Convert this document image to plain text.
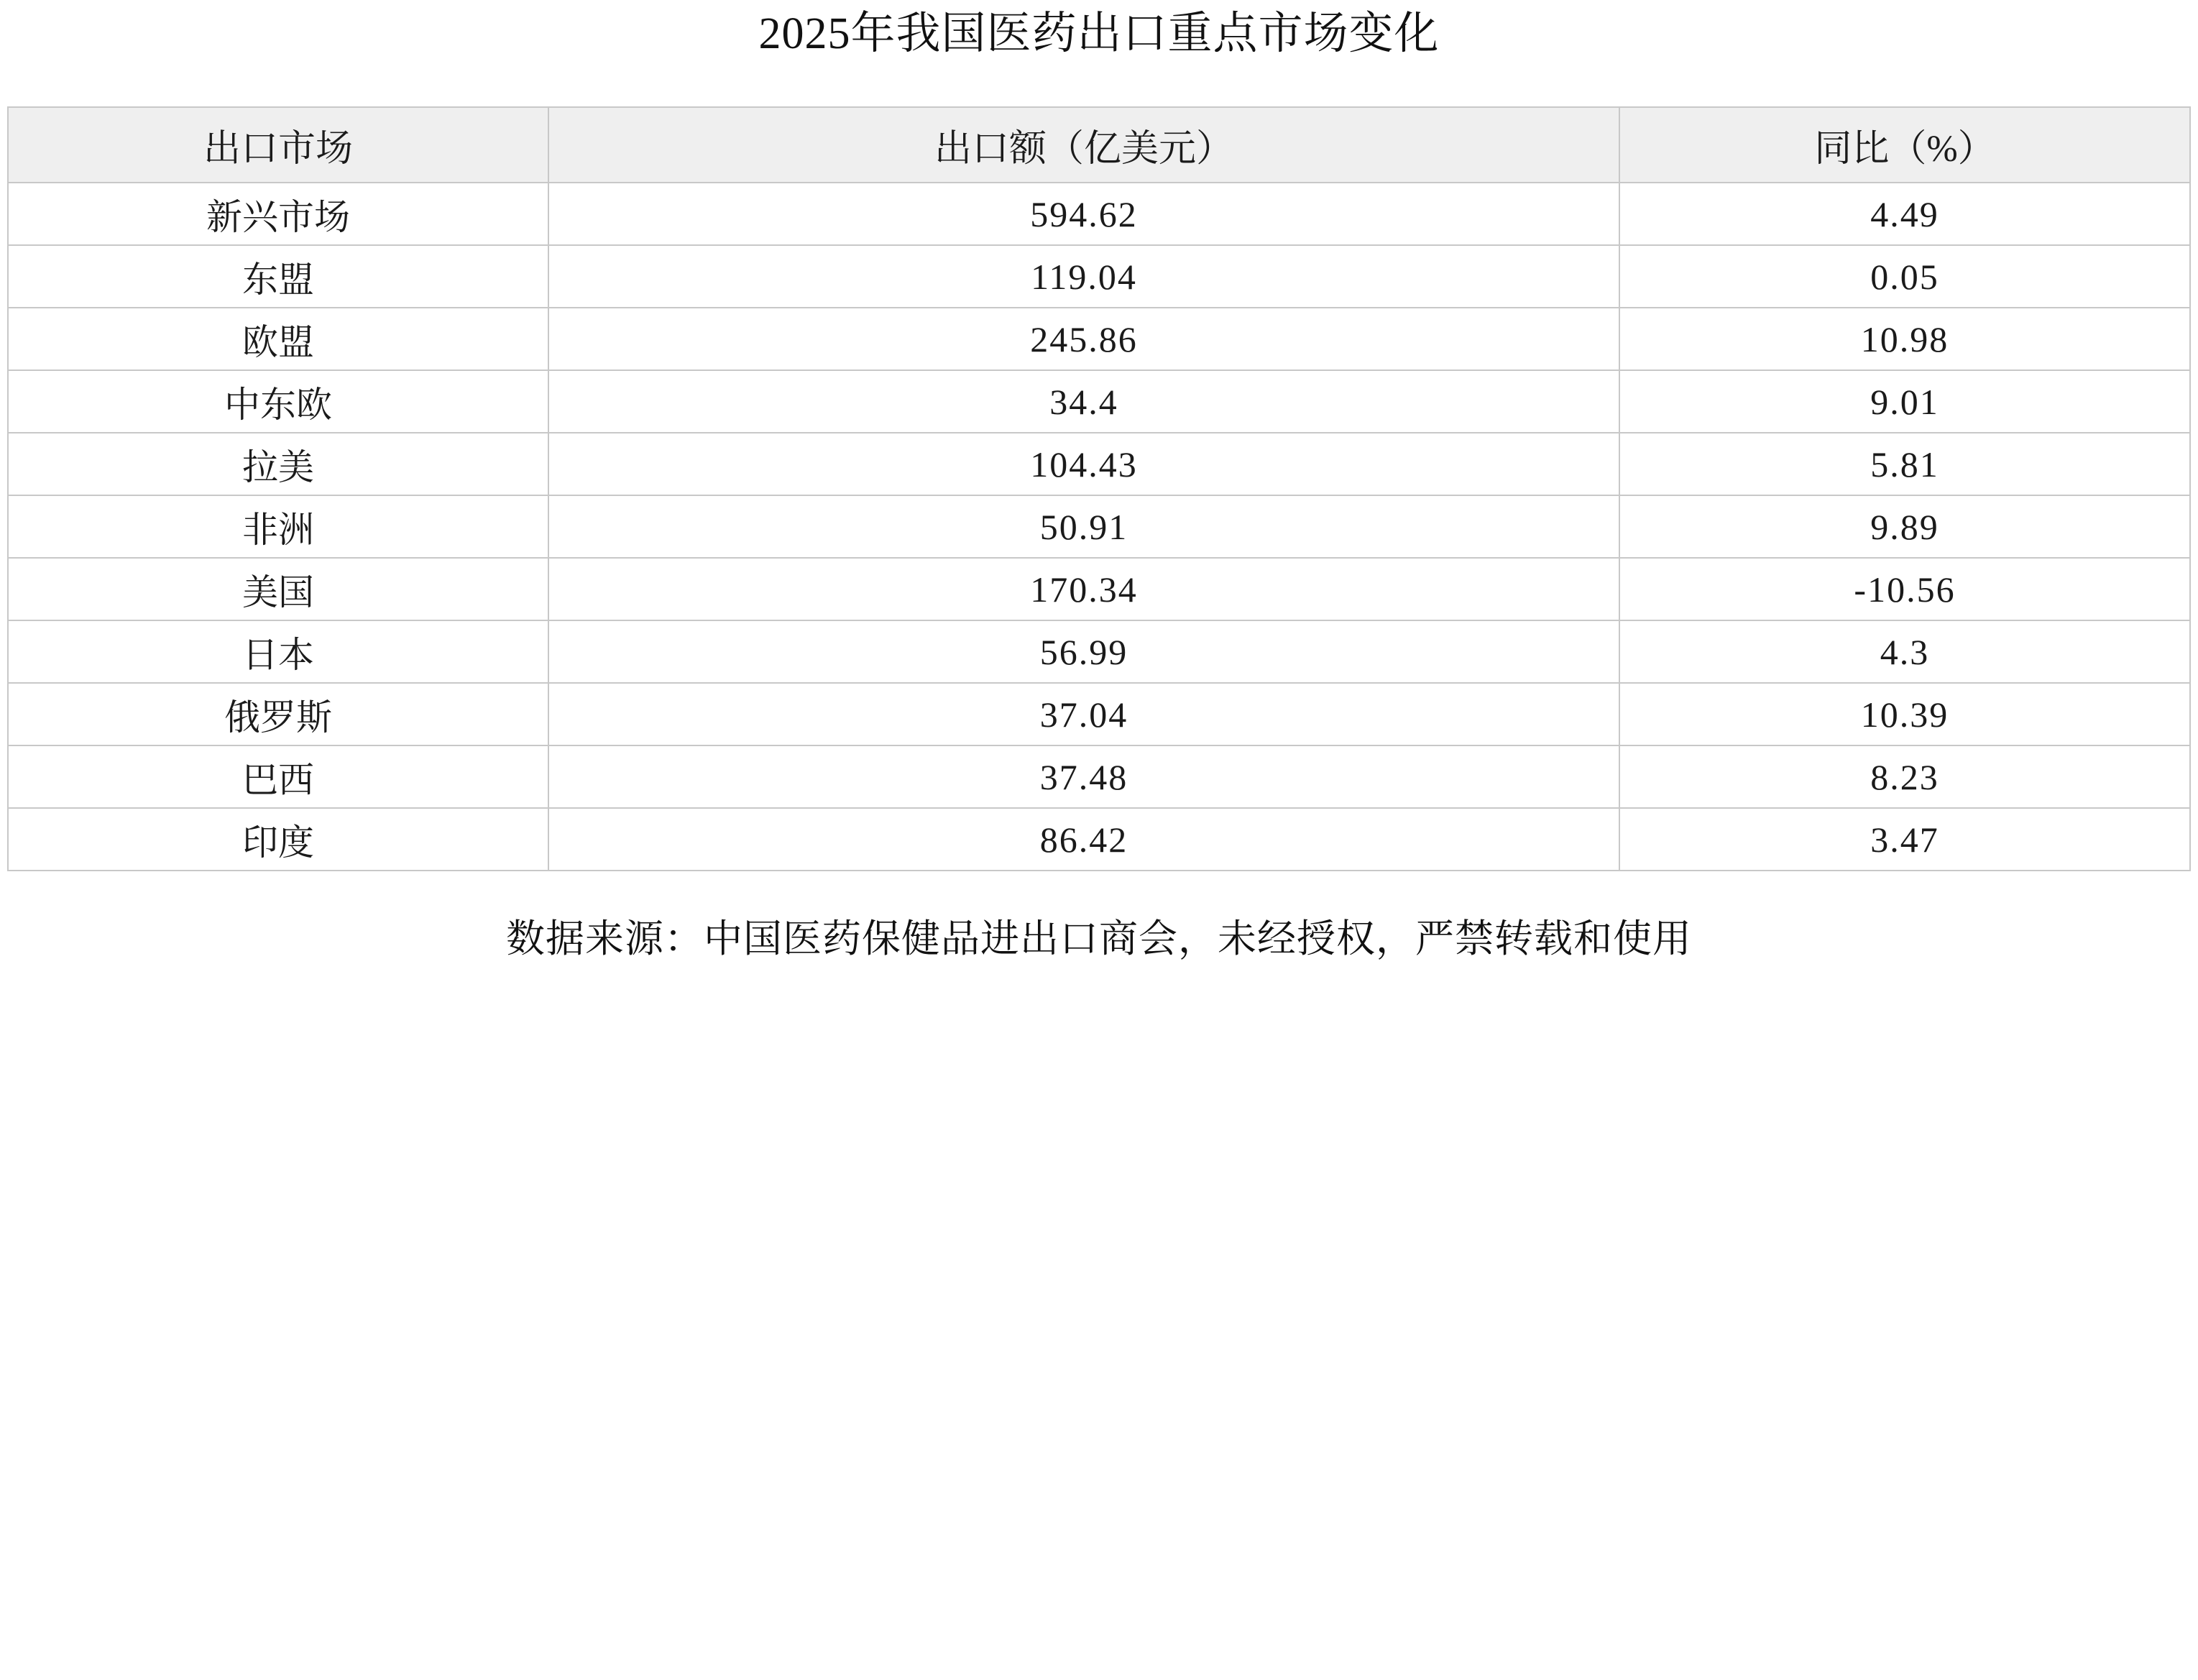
2025年我国医药出口重点市场变化
出口市场	出口额（亿美元）	同比（%）
新兴市场	594.62	4.49
东盟	119.04	0.05
欧盟	245.86	10.98
中东欧	34.4	9.01
拉美	104.43	5.81
非洲	50.91	9.89
美国	170.34	-10.56
日本	56.99	4.3
俄罗斯	37.04	10.39
巴西	37.48	8.23
印度	86.42	3.47
数据来源：中国医药保健品进出口商会，未经授权，严禁转载和使用
